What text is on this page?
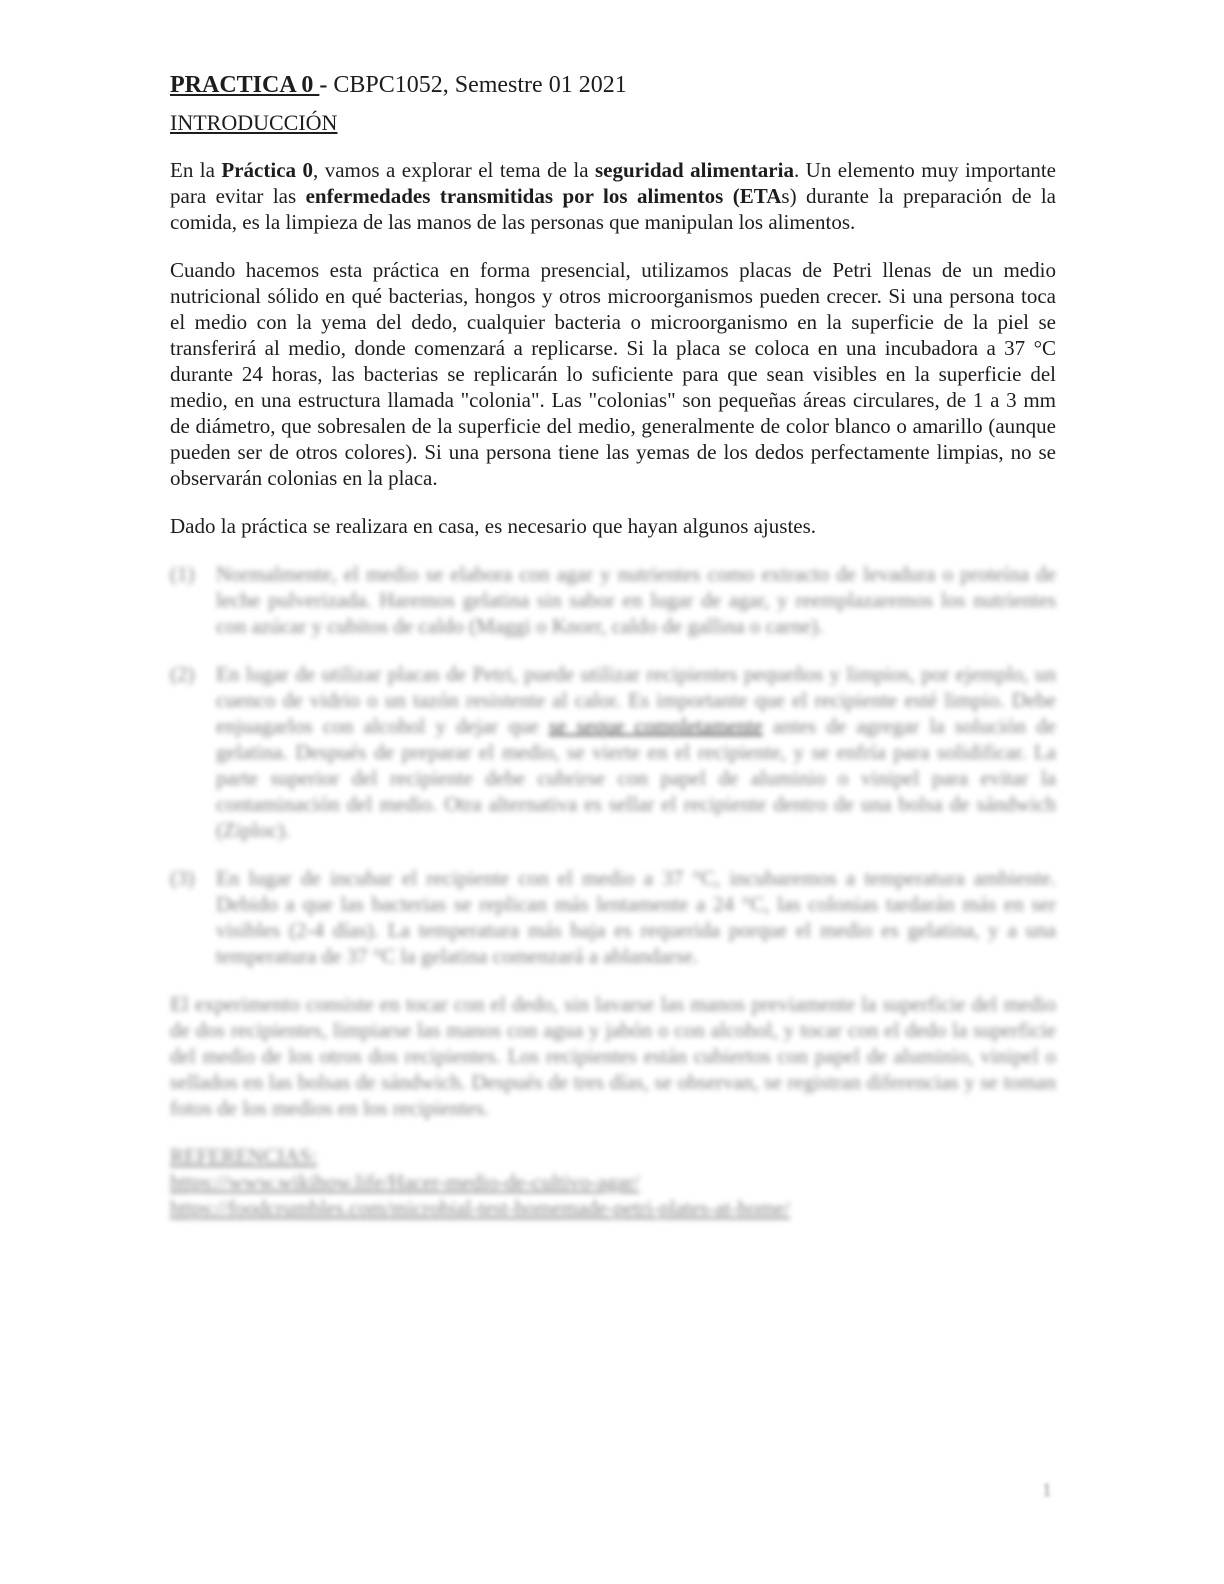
PRACTICA 0 - CBPC1052, Semestre 01 2021
INTRODUCCIÓN

En la Práctica 0, vamos a explorar el tema de la seguridad alimentaria. Un elemento muy importante para evitar las enfermedades transmitidas por los alimentos (ETAs) durante la preparación de la comida, es la limpieza de las manos de las personas que manipulan los alimentos.

Cuando hacemos esta práctica en forma presencial, utilizamos placas de Petri llenas de un medio nutricional sólido en qué bacterias, hongos y otros microorganismos pueden crecer. Si una persona toca el medio con la yema del dedo, cualquier bacteria o microorganismo en la superficie de la piel se transferirá al medio, donde comenzará a replicarse. Si la placa se coloca en una incubadora a 37 °C durante 24 horas, las bacterias se replicarán lo suficiente para que sean visibles en la superficie del medio, en una estructura llamada "colonia". Las "colonias" son pequeñas áreas circulares, de 1 a 3 mm de diámetro, que sobresalen de la superficie del medio, generalmente de color blanco o amarillo (aunque pueden ser de otros colores). Si una persona tiene las yemas de los dedos perfectamente limpias, no se observarán colonias en la placa.

Dado la práctica se realizara en casa, es necesario que hayan algunos ajustes.

(1)	Normalmente, el medio se elabora con agar y nutrientes como extracto de levadura o proteína de leche pulverizada. Haremos gelatina sin sabor en lugar de agar, y reemplazaremos los nutrientes con azúcar y cubitos de caldo (Maggi o Knorr, caldo de gallina o carne).
(2)	En lugar de utilizar placas de Petri, puede utilizar recipientes pequeños y limpios, por ejemplo, un cuenco de vidrio o un tazón resistente al calor. Es importante que el recipiente esté limpio. Debe enjuagarlos con alcohol y dejar que se seque completamente antes de agregar la solución de gelatina. Después de preparar el medio, se vierte en el recipiente, y se enfría para solidificar. La parte superior del recipiente debe cubrirse con papel de aluminio o vinipel para evitar la contaminación del medio. Otra alternativa es sellar el recipiente dentro de una bolsa de sándwich (Ziploc).
(3)	En lugar de incubar el recipiente con el medio a 37 °C, incubaremos a temperatura ambiente. Debido a que las bacterias se replican más lentamente a 24 °C, las colonias tardarán más en ser visibles (2-4 días). La temperatura más baja es requerida porque el medio es gelatina, y a una temperatura de 37 °C la gelatina comenzará a ablandarse.

El experimento consiste en tocar con el dedo, sin lavarse las manos previamente la superficie del medio de dos recipientes, limpiarse las manos con agua y jabón o con alcohol, y tocar con el dedo la superficie del medio de los otros dos recipientes. Los recipientes están cubiertos con papel de aluminio, vinipel o sellados en las bolsas de sándwich. Después de tres días, se observan, se registran diferencias y se toman fotos de los medios en los recipientes.

REFERENCIAS:
https://www.wikihow.life/Hacer-medio-de-cultivo-agar/
https://foodcrumbles.com/microbial-test-homemade-petri-plates-at-home/
1
